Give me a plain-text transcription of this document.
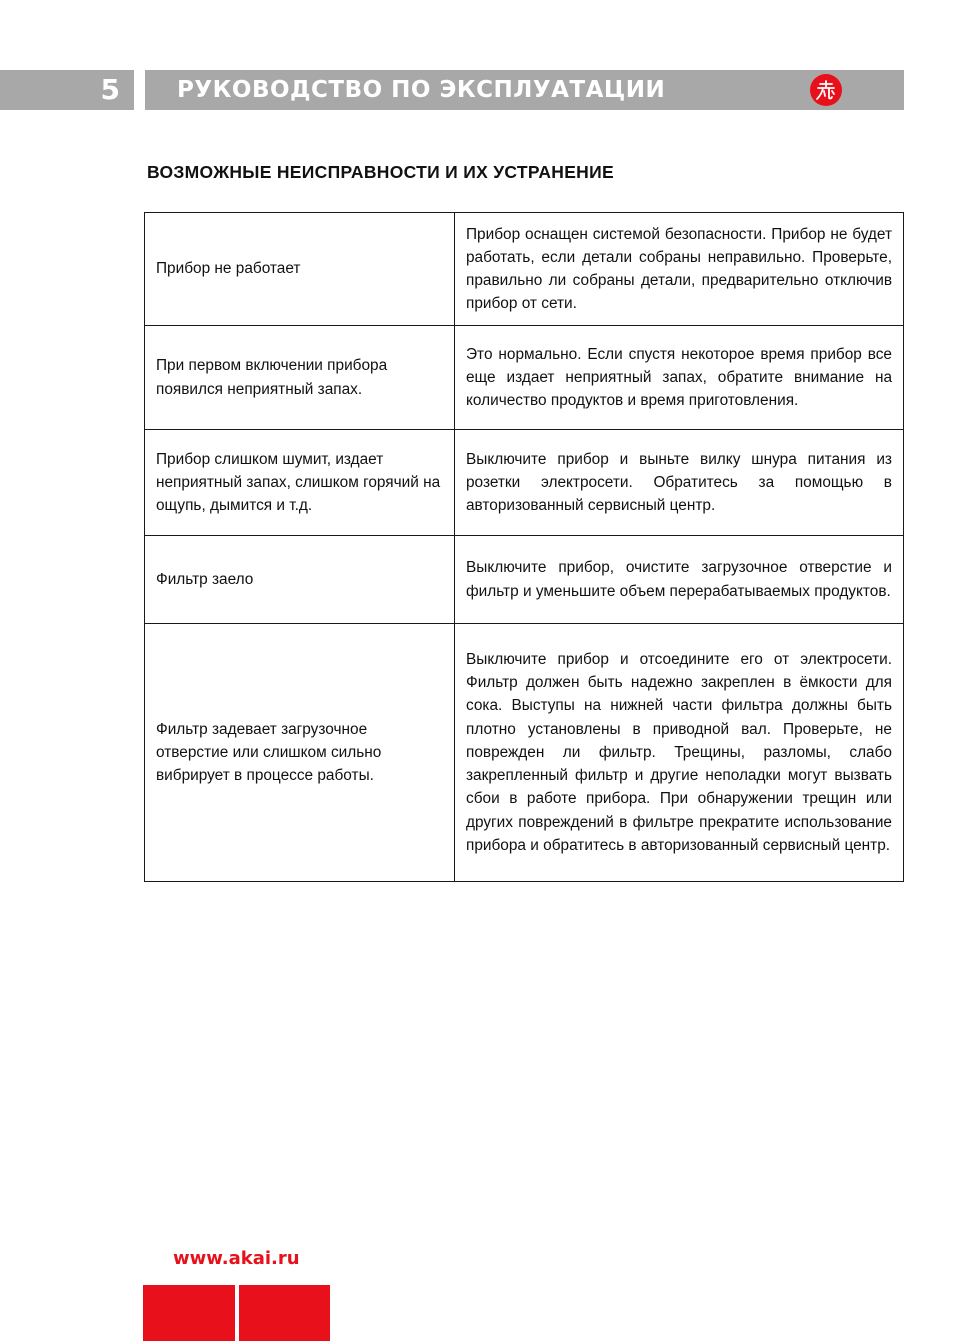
5 РУКОВОДСТВО ПО ЭКСПЛУАТАЦИИ
ВОЗМОЖНЫЕ НЕИСПРАВНОСТИ И ИХ УСТРАНЕНИЕ
Прибор не работает	Прибор оснащен системой безопасности. Прибор не будет работать, если детали собраны неправильно. Проверьте, правильно ли собраны детали, предварительно отключив прибор от сети.
При первом включении прибора появился неприятный запах.	Это нормально. Если спустя некоторое время прибор все еще издает неприятный запах, обратите внимание на количество продуктов и время приготовления.
Прибор слишком шумит, издает неприятный запах, слишком горячий на ощупь, дымится и т.д.	Выключите прибор и выньте вилку шнура питания из розетки электросети. Обратитесь за помощью в авторизованный сервисный центр.
Фильтр заело	Выключите прибор, очистите загрузочное отверстие и фильтр и уменьшите объем перерабатываемых продуктов.
Фильтр задевает загрузочное отверстие или слишком сильно вибрирует в процессе работы.	Выключите прибор и отсоедините его от электросети. Фильтр должен быть надежно закреплен в ёмкости для сока. Выступы на нижней части фильтра должны быть плотно установлены в приводной вал. Проверьте, не поврежден ли фильтр. Трещины, разломы, слабо закрепленный фильтр и другие неполадки могут вызвать сбои в работе прибора. При обнаружении трещин или других повреждений в фильтре прекратите использование прибора и обратитесь в авторизованный сервисный центр.
www.akai.ru
